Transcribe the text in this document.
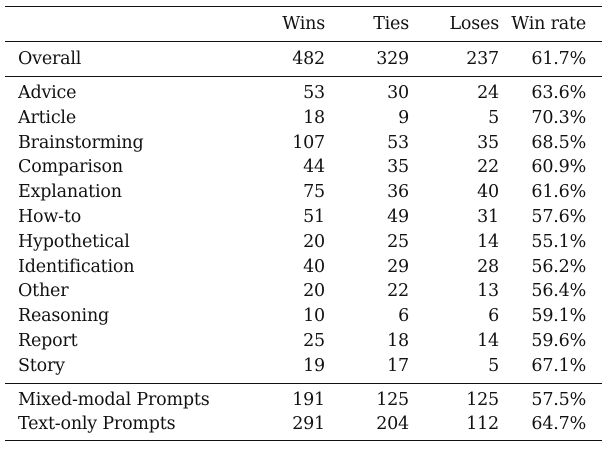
	Wins	Ties	Loses	Win rate
Overall	482	329	237	61.7%
Advice	53	30	24	63.6%
Article	18	9	5	70.3%
Brainstorming	107	53	35	68.5%
Comparison	44	35	22	60.9%
Explanation	75	36	40	61.6%
How-to	51	49	31	57.6%
Hypothetical	20	25	14	55.1%
Identification	40	29	28	56.2%
Other	20	22	13	56.4%
Reasoning	10	6	6	59.1%
Report	25	18	14	59.6%
Story	19	17	5	67.1%
Mixed-modal Prompts	191	125	125	57.5%
Text-only Prompts	291	204	112	64.7%
